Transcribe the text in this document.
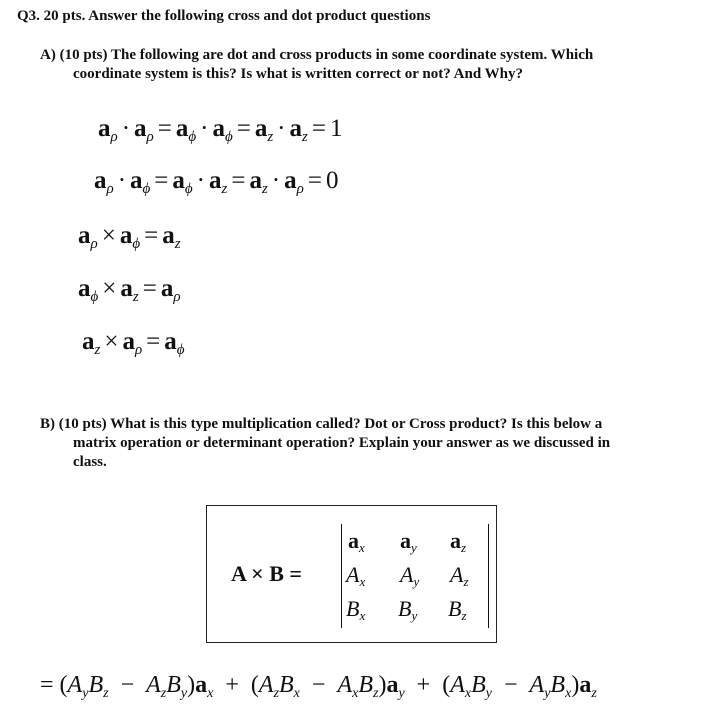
Q3. 20 pts. Answer the following cross and dot product questions
A) (10 pts) The following are dot and cross products in some coordinate system. Which
coordinate system is this? Is what is written correct or not? And Why?
$a_\rho \cdot a_\rho = a_\phi \cdot a_\phi = a_z \cdot a_z = 1$
$a_\rho \cdot a_\phi = a_\phi \cdot a_z = a_z \cdot a_\rho = 0$
$a_\rho \times a_\phi = a_z$
$a_\phi \times a_z = a_\rho$
$a_z \times a_\rho = a_\phi$
B) (10 pts) What is this type multiplication called? Dot or Cross product? Is this below a
matrix operation or determinant operation? Explain your answer as we discussed in
class.
A × B =
$a_x$ $a_y$ $a_z$
$A_x$ $A_y$ $A_z$
$B_x$ $B_y$ $B_z$
= $(A_yB_z - A_zB_y)a_x + (A_zB_x - A_xB_z)a_y + (A_xB_y - A_yB_x)a_z$
